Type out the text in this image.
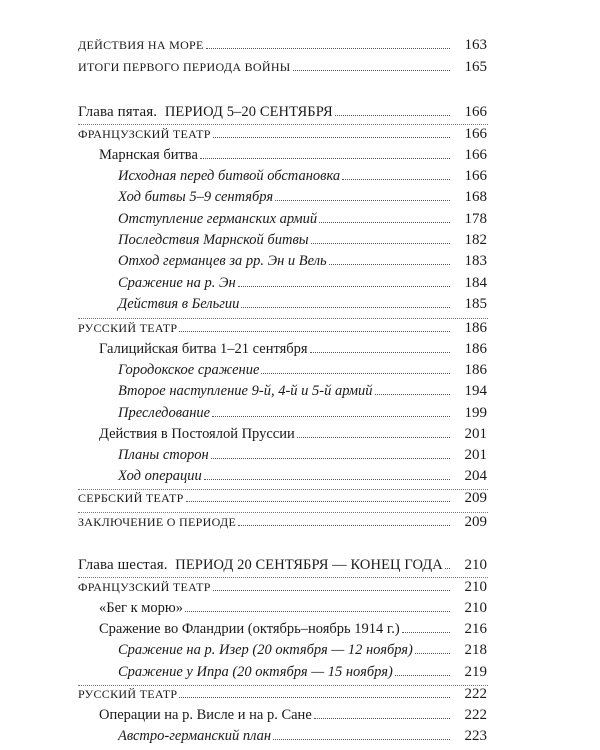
ДЕЙСТВИЯ НА МОРЕ	163
ИТОГИ ПЕРВОГО ПЕРИОДА ВОЙНЫ	165
Глава пятая. ПЕРИОД 5–20 СЕНТЯБРЯ	166
ФРАНЦУЗСКИЙ ТЕАТР	166
Марнская битва	166
Исходная перед битвой обстановка	166
Ход битвы 5–9 сентября	168
Отступление германских армий	178
Последствия Марнской битвы	182
Отход германцев за рр. Эн и Вель	183
Сражение на р. Эн	184
Действия в Бельгии	185
РУССКИЙ ТЕАТР	186
Галицийская битва 1–21 сентября	186
Городокское сражение	186
Второе наступление 9-й, 4-й и 5-й армий	194
Преследование	199
Действия в Постоялой Пруссии	201
Планы сторон	201
Ход операции	204
СЕРБСКИЙ ТЕАТР	209
ЗАКЛЮЧЕНИЕ О ПЕРИОДЕ	209
Глава шестая. ПЕРИОД 20 СЕНТЯБРЯ — КОНЕЦ ГОДА 210
ФРАНЦУЗСКИЙ ТЕАТР	210
«Бег к морю»	210
Сражение во Фландрии (октябрь–ноябрь 1914 г.)	216
Сражение на р. Изер (20 октября — 12 ноября)	218
Сражение у Ипра (20 октября — 15 ноября)	219
РУССКИЙ ТЕАТР	222
Операции на р. Висле и на р. Сане	222
Австро-германский план	223
